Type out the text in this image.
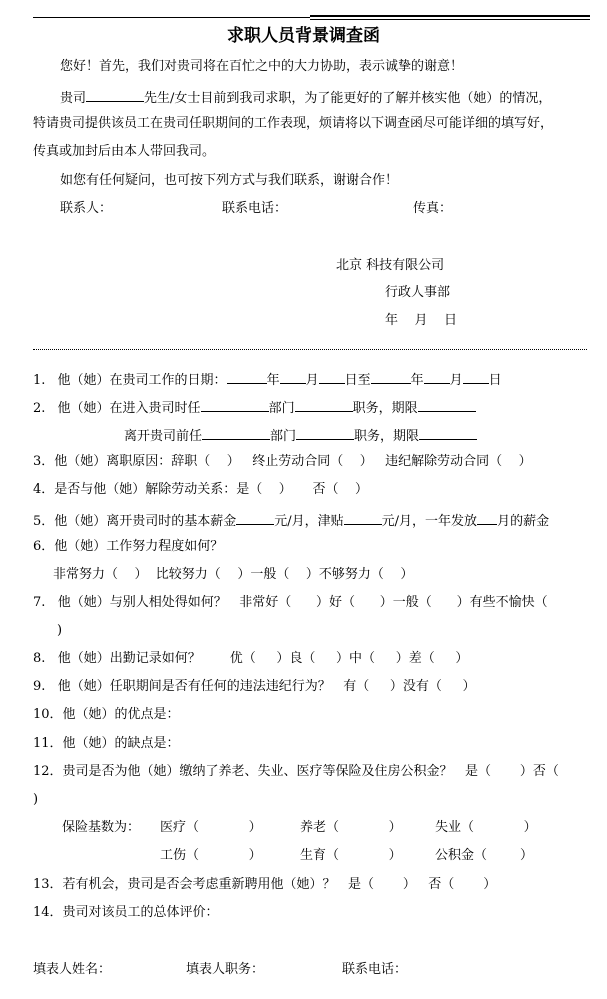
求职人员背景调查函
您好！首先，我们对贵司将在百忙之中的大力协助，表示诚挚的谢意！
贵司	先生/女士目前到我司求职，为了能更好的了解并核实他（她）的情况，
特请贵司提供该员工在贵司任职期间的工作表现，烦请将以下调查函尽可能详细的填写好，
传真或加封后由本人带回我司。
如您有任何疑问，也可按下列方式与我们联系，谢谢合作！
联系人：	联系电话：	传真：
北京 科技有限公司
行政人事部
年    月    日
1. 他（她）在贵司工作的日期：	年 月 日至	年 月 日
2. 他（她）在进入贵司时任	部门	职务，期限
离开贵司前任	部门	职务，期限
3．他（她）离职原因：辞职（    ）   终止劳动合同（    ）   违纪解除劳动合同（    ）
4．是否与他（她）解除劳动关系：是（    ）     否（    ）
5．他（她）离开贵司时的基本薪金	元/月，津贴	元/月，一年发放 月的薪金
6．他（她）工作努力程度如何？
非常努力（    ）  比较努力（    ）一般（    ）不够努力（    ）
7.   他（她）与别人相处得如何？   非常好（      ）好（      ）一般（      ）有些不愉快（
)
8.   他（她）出勤记录如何？       优（     ）良（     ）中（     ）差（     ）
9.   他（她）任职期间是否有任何的违法违纪行为？   有（     ）没有（     ）
10．他（她）的优点是：
11．他（她）的缺点是：
12．贵司是否为他（她）缴纳了养老、失业、医疗等保险及住房公积金？   是（       ）否（
)
保险基数为： 医疗（            ）	养老（            ）	失业（            ）
工伤（            ）	生育（            ）	公积金（        ）
13．若有机会，贵司是否会考虑重新聘用他（她）？   是（       ）   否（       ）
14．贵司对该员工的总体评价：
填表人姓名：	填表人职务：	联系电话：
